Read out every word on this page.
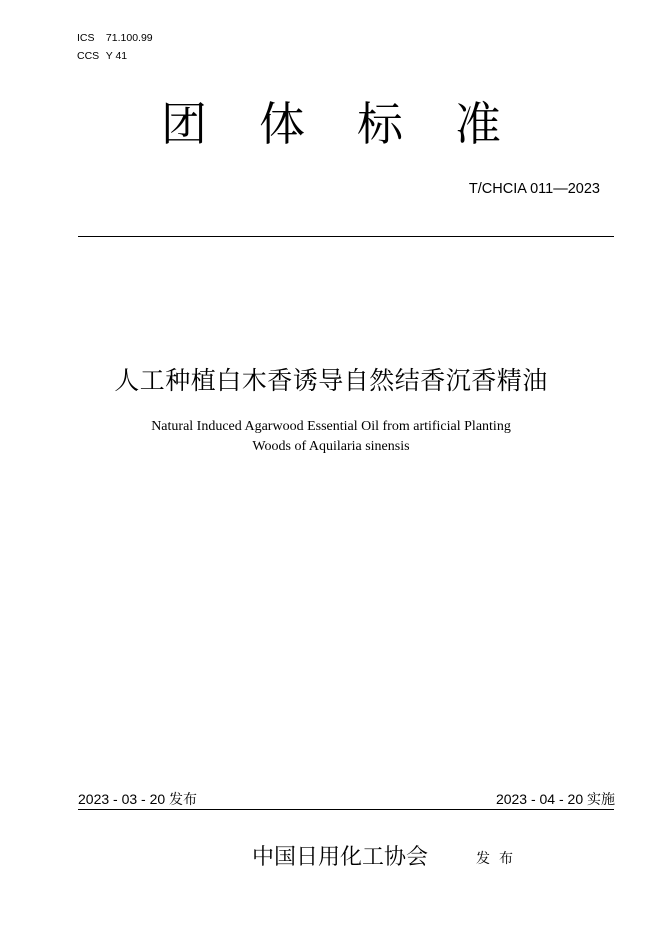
ICS 71.100.99
CCS Y 41
团体标准
T/CHCIA 011—2023
人工种植白木香诱导自然结香沉香精油
Natural Induced Agarwood Essential Oil from artificial Planting
Woods of Aquilaria sinensis
2023 - 03 - 20 发布	2023 - 04 - 20 实施
中国日用化工协会	发布
